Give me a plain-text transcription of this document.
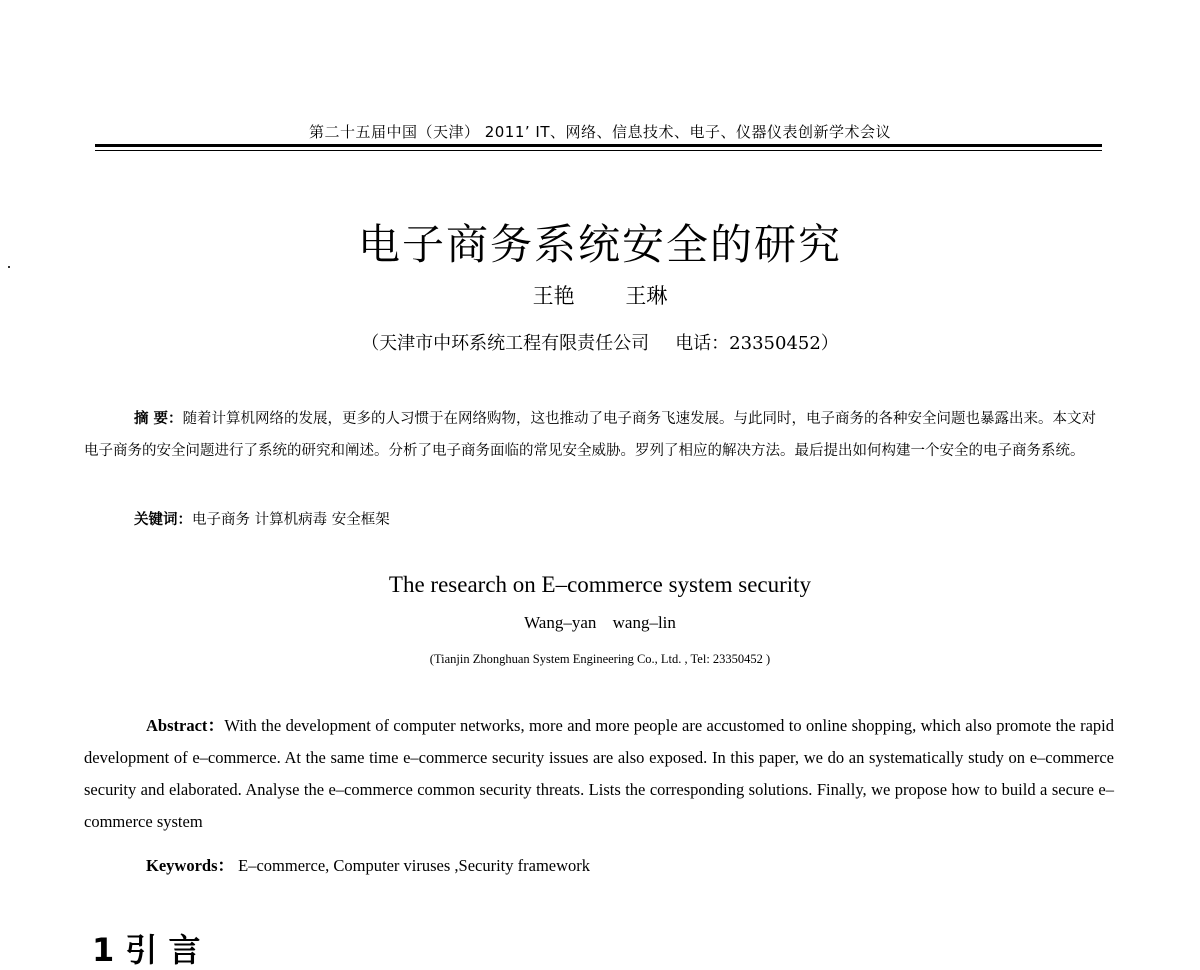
第二十五届中国（天津） 2011’ IT、网络、信息技术、电子、仪器仪表创新学术会议
电子商务系统安全的研究
王艳 王琳
（天津市中环系统工程有限责任公司 电话：23350452）
摘 要：随着计算机网络的发展，更多的人习惯于在网络购物，这也推动了电子商务飞速发展。与此同时，电子商务的各种安全问题也暴露出来。本文对电子商务的安全问题进行了系统的研究和阐述。分析了电子商务面临的常见安全威胁。罗列了相应的解决方法。最后提出如何构建一个安全的电子商务系统。
关键词：电子商务 计算机病毒 安全框架
The research on E–commerce system security
Wang–yan wang–lin
(Tianjin Zhonghuan System Engineering Co., Ltd. , Tel: 23350452 )
Abstract：With the development of computer networks, more and more people are accustomed to online shopping, which also promote the rapid development of e–commerce. At the same time e–commerce security issues are also exposed. In this paper, we do an systematically study on e–commerce security and elaborated. Analyse the e–commerce common security threats. Lists the corresponding solutions. Finally, we propose how to build a secure e–commerce system
Keywords： E–commerce, Computer viruses ,Security framework
1 引 言
